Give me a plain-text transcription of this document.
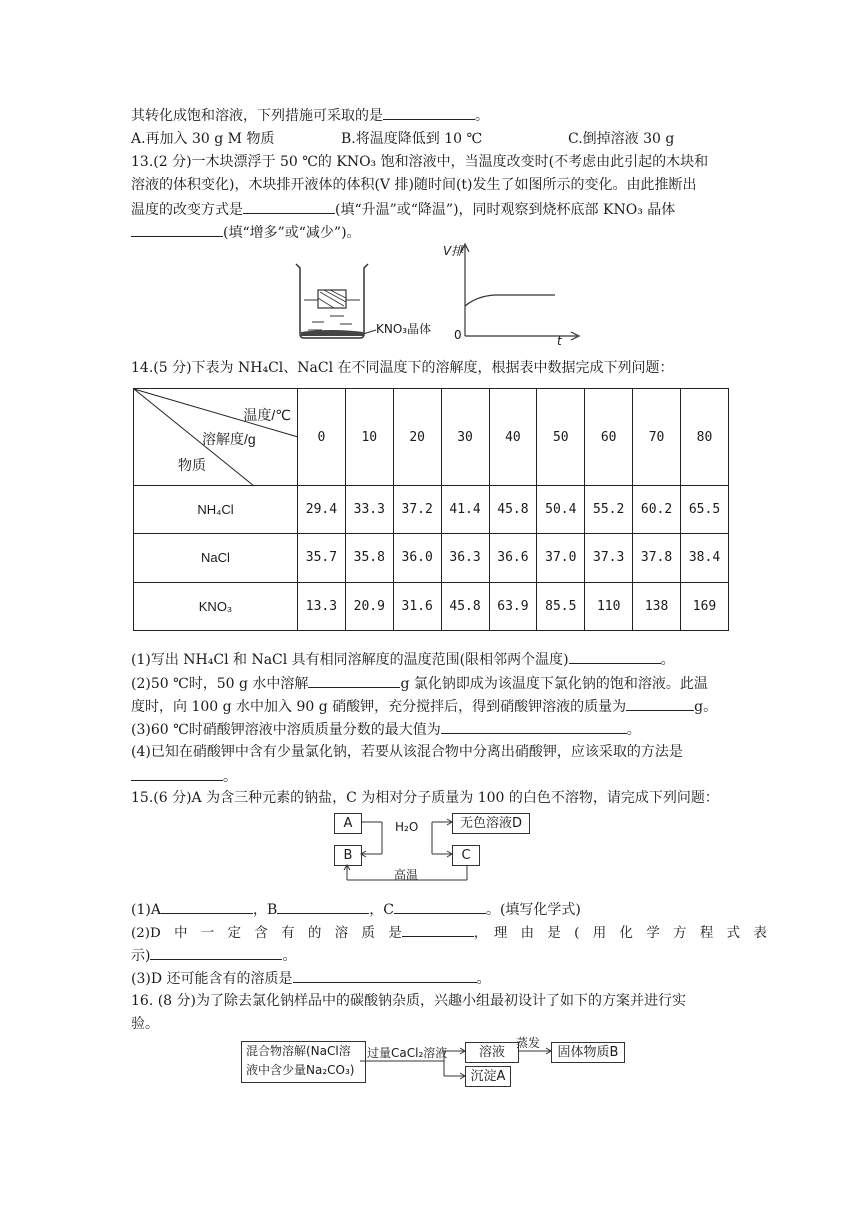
其转化成饱和溶液，下列措施可采取的是	。
A.再加入 30 g M 物质	B.将温度降低到 10 ℃	C.倒掉溶液 30 g
13.(2 分)一木块漂浮于 50 ℃的 KNO₃ 饱和溶液中，当温度改变时(不考虑由此引起的木块和
溶液的体积变化)，木块排开液体的体积(V 排)随时间(t)发生了如图所示的变化。由此推断出
温度的改变方式是	(填“升温”或“降温”)，同时观察到烧杯底部 KNO₃ 晶体
(填“增多”或“减少”)。
KNO₃晶体
V排
t
0
14.(5 分)下表为 NH₄Cl、NaCl 在不同温度下的溶解度，根据表中数据完成下列问题：
温度/℃
溶解度/g
物质	0	10	20	30	40	50	60	70	80
NH₄Cl	29.4	33.3	37.2	41.4	45.8	50.4	55.2	60.2	65.5
NaCl	35.7	35.8	36.0	36.3	36.6	37.0	37.3	37.8	38.4
KNO₃	13.3	20.9	31.6	45.8	63.9	85.5	110	138	169
(1)写出 NH₄Cl 和 NaCl 具有相同溶解度的温度范围(限相邻两个温度)	。
(2)50 ℃时，50 g 水中溶解	g 氯化钠即成为该温度下氯化钠的饱和溶液。此温
度时，向 100 g 水中加入 90 g 硝酸钾，充分搅拌后，得到硝酸钾溶液的质量为	g。
(3)60 ℃时硝酸钾溶液中溶质质量分数的最大值为	。
(4)已知在硝酸钾中含有少量氯化钠，若要从该混合物中分离出硝酸钾，应该采取的方法是
。
15.(6 分)A 为含三种元素的钠盐，C 为相对分子质量为 100 的白色不溶物，请完成下列问题：
A
B
无色溶液D
C
H₂O
高温
(1)A	，B	，C	。(填写化学式)
(2)D　中　一　定　含　有　的　溶　质　是	，　理　由　是　(　用　化　学　方　程　式　表
示)	。
(3)D 还可能含有的溶质是	。
16. (8 分)为了除去氯化钠样品中的碳酸钠杂质，兴趣小组最初设计了如下的方案并进行实
验。
混合物溶解(NaCl溶
液中含少量Na₂CO₃)
过量CaCl₂溶液	溶液
蒸发
固体物质B
沉淀A
